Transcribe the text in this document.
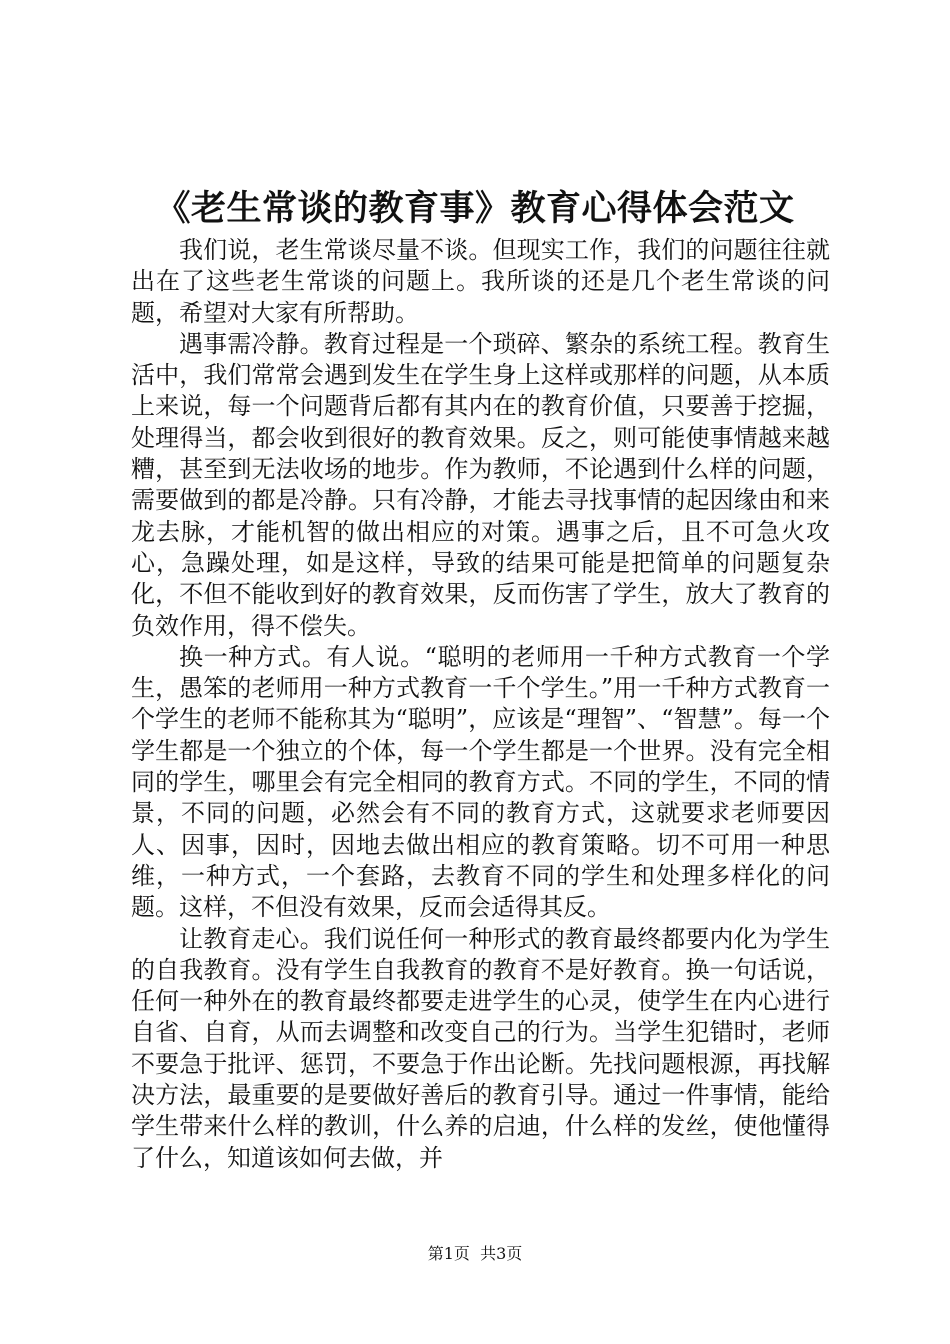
《老生常谈的教育事》教育心得体会范文

我们说，老生常谈尽量不谈。但现实工作，我们的问题往往就出在了这些老生常谈的问题上。我所谈的还是几个老生常谈的问题，希望对大家有所帮助。

遇事需冷静。教育过程是一个琐碎、繁杂的系统工程。教育生活中，我们常常会遇到发生在学生身上这样或那样的问题，从本质上来说，每一个问题背后都有其内在的教育价值，只要善于挖掘，处理得当，都会收到很好的教育效果。反之，则可能使事情越来越糟，甚至到无法收场的地步。作为教师，不论遇到什么样的问题，需要做到的都是冷静。只有冷静，才能去寻找事情的起因缘由和来龙去脉，才能机智的做出相应的对策。遇事之后，且不可急火攻心，急躁处理，如是这样，导致的结果可能是把简单的问题复杂化，不但不能收到好的教育效果，反而伤害了学生，放大了教育的负效作用，得不偿失。

换一种方式。有人说。“聪明的老师用一千种方式教育一个学生，愚笨的老师用一种方式教育一千个学生。”用一千种方式教育一个学生的老师不能称其为“聪明”，应该是“理智”、“智慧”。每一个学生都是一个独立的个体，每一个学生都是一个世界。没有完全相同的学生，哪里会有完全相同的教育方式。不同的学生，不同的情景，不同的问题，必然会有不同的教育方式，这就要求老师要因人、因事，因时，因地去做出相应的教育策略。切不可用一种思维，一种方式，一个套路，去教育不同的学生和处理多样化的问题。这样，不但没有效果，反而会适得其反。

让教育走心。我们说任何一种形式的教育最终都要内化为学生的自我教育。没有学生自我教育的教育不是好教育。换一句话说，任何一种外在的教育最终都要走进学生的心灵，使学生在内心进行自省、自育，从而去调整和改变自己的行为。当学生犯错时，老师不要急于批评、惩罚，不要急于作出论断。先找问题根源，再找解决方法，最重要的是要做好善后的教育引导。通过一件事情，能给学生带来什么样的教训，什么养的启迪，什么样的发丝，使他懂得了什么，知道该如何去做，并

第1页 共3页
